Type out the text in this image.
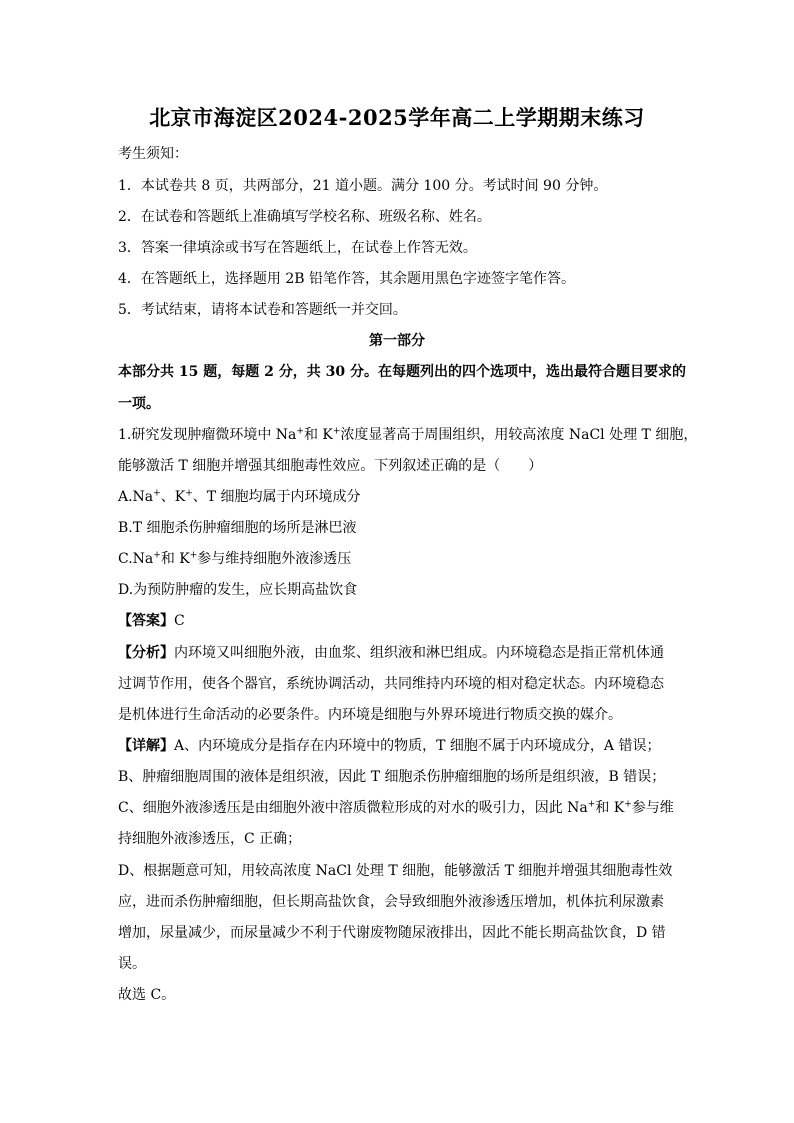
北京市海淀区2024-2025学年高二上学期期末练习
考生须知：
1．本试卷共 8 页，共两部分，21 道小题。满分 100 分。考试时间 90 分钟。
2．在试卷和答题纸上准确填写学校名称、班级名称、姓名。
3．答案一律填涂或书写在答题纸上，在试卷上作答无效。
4．在答题纸上，选择题用 2B 铅笔作答，其余题用黑色字迹签字笔作答。
5．考试结束，请将本试卷和答题纸一并交回。
第一部分
本部分共 15 题，每题 2 分，共 30 分。在每题列出的四个选项中，选出最符合题目要求的
一项。
1.研究发现肿瘤微环境中 Na+和 K+浓度显著高于周围组织，用较高浓度 NaCl 处理 T 细胞，
能够激活 T 细胞并增强其细胞毒性效应。下列叙述正确的是（　　）
A.Na+、K+、T 细胞均属于内环境成分
B.T 细胞杀伤肿瘤细胞的场所是淋巴液
C.Na+和 K+参与维持细胞外液渗透压
D.为预防肿瘤的发生，应长期高盐饮食
【答案】C
【分析】内环境又叫细胞外液，由血浆、组织液和淋巴组成。内环境稳态是指正常机体通
过调节作用，使各个器官，系统协调活动，共同维持内环境的相对稳定状态。内环境稳态
是机体进行生命活动的必要条件。内环境是细胞与外界环境进行物质交换的媒介。
【详解】A、内环境成分是指存在内环境中的物质，T 细胞不属于内环境成分，A 错误；
B、肿瘤细胞周围的液体是组织液，因此 T 细胞杀伤肿瘤细胞的场所是组织液，B 错误；
C、细胞外液渗透压是由细胞外液中溶质微粒形成的对水的吸引力，因此 Na+和 K+参与维
持细胞外液渗透压，C 正确；
D、根据题意可知，用较高浓度 NaCl 处理 T 细胞，能够激活 T 细胞并增强其细胞毒性效
应，进而杀伤肿瘤细胞，但长期高盐饮食，会导致细胞外液渗透压增加，机体抗利尿激素
增加，尿量减少，而尿量减少不利于代谢废物随尿液排出，因此不能长期高盐饮食，D 错
误。
故选 C。
